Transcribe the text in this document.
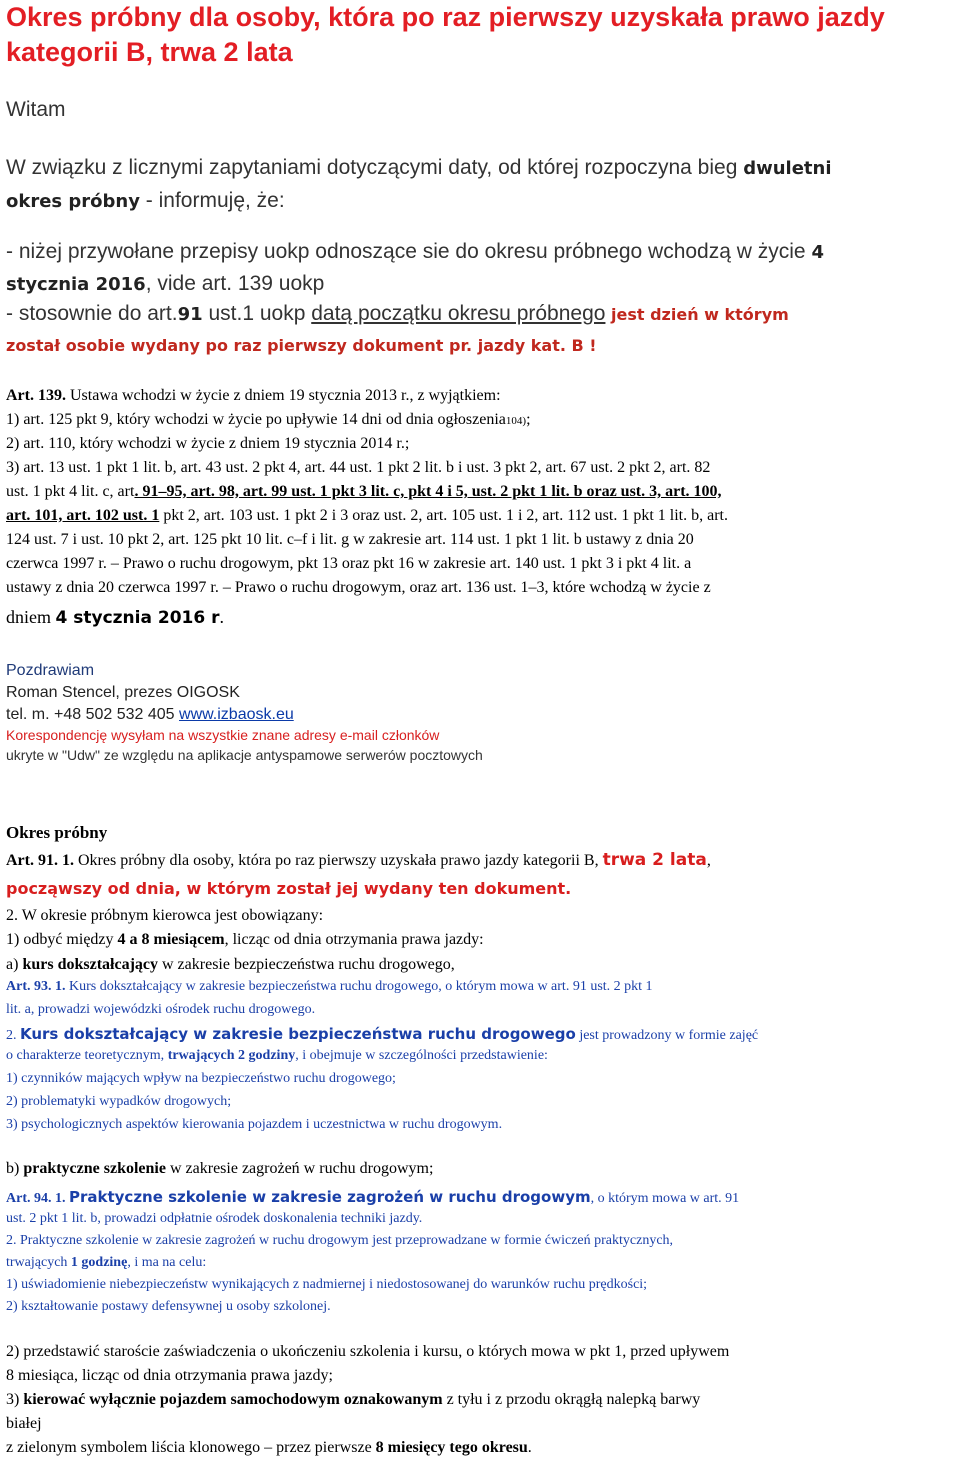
Okres próbny dla osoby, która po raz pierwszy uzyskała prawo jazdy kategorii B, trwa 2 lata
Witam
W związku z licznymi zapytaniami dotyczącymi daty, od której rozpoczyna bieg dwuletni
okres próbny - informuję, że:
- niżej przywołane przepisy uokp odnoszące sie do okresu próbnego wchodzą w życie 4
stycznia 2016, vide art. 139 uokp
- stosownie do art.91 ust.1 uokp datą początku okresu próbnego jest dzień w którym
został osobie wydany po raz pierwszy dokument pr. jazdy kat. B !
Art. 139. Ustawa wchodzi w życie z dniem 19 stycznia 2013 r., z wyjątkiem:
1) art. 125 pkt 9, który wchodzi w życie po upływie 14 dni od dnia ogłoszenia104);
2) art. 110, który wchodzi w życie z dniem 19 stycznia 2014 r.;
3) art. 13 ust. 1 pkt 1 lit. b, art. 43 ust. 2 pkt 4, art. 44 ust. 1 pkt 2 lit. b i ust. 3 pkt 2, art. 67 ust. 2 pkt 2, art. 82
ust. 1 pkt 4 lit. c, art. 91–95, art. 98, art. 99 ust. 1 pkt 3 lit. c, pkt 4 i 5, ust. 2 pkt 1 lit. b oraz ust. 3, art. 100,
art. 101, art. 102 ust. 1 pkt 2, art. 103 ust. 1 pkt 2 i 3 oraz ust. 2, art. 105 ust. 1 i 2, art. 112 ust. 1 pkt 1 lit. b, art.
124 ust. 7 i ust. 10 pkt 2, art. 125 pkt 10 lit. c–f i lit. g w zakresie art. 114 ust. 1 pkt 1 lit. b ustawy z dnia 20
czerwca 1997 r. – Prawo o ruchu drogowym, pkt 13 oraz pkt 16 w zakresie art. 140 ust. 1 pkt 3 i pkt 4 lit. a
ustawy z dnia 20 czerwca 1997 r. – Prawo o ruchu drogowym, oraz art. 136 ust. 1–3, które wchodzą w życie z
dniem 4 stycznia 2016 r.
Pozdrawiam
Roman Stencel, prezes OIGOSK
tel. m. +48 502 532 405 www.izbaosk.eu
Korespondencję wysyłam na wszystkie znane adresy e-mail członków
ukryte w "Udw" ze względu na aplikacje antyspamowe serwerów pocztowych
Okres próbny
Art. 91. 1. Okres próbny dla osoby, która po raz pierwszy uzyskała prawo jazdy kategorii B, trwa 2 lata,
począwszy od dnia, w którym został jej wydany ten dokument.
2. W okresie próbnym kierowca jest obowiązany:
1) odbyć między 4 a 8 miesiącem, licząc od dnia otrzymania prawa jazdy:
a) kurs dokształcający w zakresie bezpieczeństwa ruchu drogowego,
Art. 93. 1. Kurs dokształcający w zakresie bezpieczeństwa ruchu drogowego, o którym mowa w art. 91 ust. 2 pkt 1
lit. a, prowadzi wojewódzki ośrodek ruchu drogowego.
2. Kurs dokształcający w zakresie bezpieczeństwa ruchu drogowego jest prowadzony w formie zajęć
o charakterze teoretycznym, trwających 2 godziny, i obejmuje w szczególności przedstawienie:
1) czynników mających wpływ na bezpieczeństwo ruchu drogowego;
2) problematyki wypadków drogowych;
3) psychologicznych aspektów kierowania pojazdem i uczestnictwa w ruchu drogowym.
b) praktyczne szkolenie w zakresie zagrożeń w ruchu drogowym;
Art. 94. 1. Praktyczne szkolenie w zakresie zagrożeń w ruchu drogowym, o którym mowa w art. 91
ust. 2 pkt 1 lit. b, prowadzi odpłatnie ośrodek doskonalenia techniki jazdy.
2. Praktyczne szkolenie w zakresie zagrożeń w ruchu drogowym jest przeprowadzane w formie ćwiczeń praktycznych,
trwających 1 godzinę, i ma na celu:
1) uświadomienie niebezpieczeństw wynikających z nadmiernej i niedostosowanej do warunków ruchu prędkości;
2) kształtowanie postawy defensywnej u osoby szkolonej.
2) przedstawić staroście zaświadczenia o ukończeniu szkolenia i kursu, o których mowa w pkt 1, przed upływem
8 miesiąca, licząc od dnia otrzymania prawa jazdy;
3) kierować wyłącznie pojazdem samochodowym oznakowanym z tyłu i z przodu okrągłą nalepką barwy
białej
z zielonym symbolem liścia klonowego – przez pierwsze 8 miesięcy tego okresu.
